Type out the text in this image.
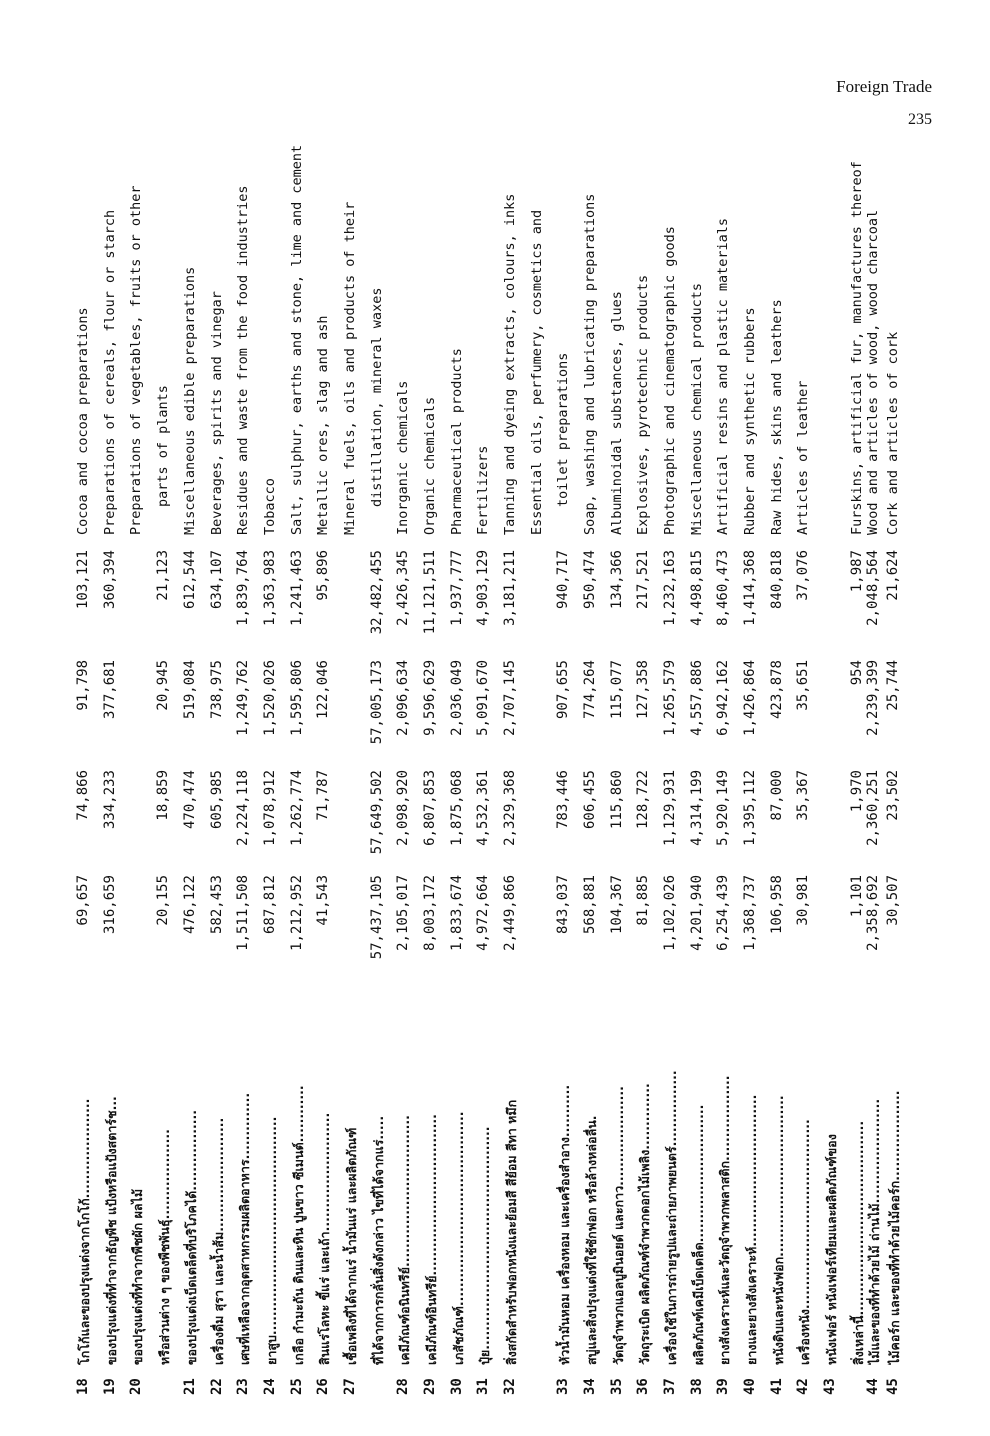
Foreign Trade
235
18
โกโก้และของปรุงแต่งจากโกโก้.....................
69,657
74,866
91,798
103,121
Cocoa and cocoa preparations
19
ของปรุงแต่งที่ทำจากธัญพืช แป้งหรือแป้งสตาร์ช...
316,659
334,233
377,681
360,394
Preparations of cereals, flour or starch
20
ของปรุงแต่งที่ทำจากพืชผัก ผลไม้
Preparations of vegetables, fruits or other
หรือส่วนต่าง ๆ ของพืชพันธุ์...................
20,155
18,859
20,945
21,123
parts of plants
21
ของปรุงแต่งเบ็ดเตล็ดที่บริโภคได้.................
476,122
470,474
519,084
612,544
Miscellaneous edible preparations
22
เครื่องดื่ม สุรา และน้ำส้ม........................
582,453
605,985
738,975
634,107
Beverages, spirits and vinegar
23
เศษที่เหลือจากอุตสาหกรรมผลิตอาหาร..............
1,511,508
2,224,118
1,249,762
1,839,764
Residues and waste from the food industries
24
ยาสูบ..............................................
687,812
1,078,912
1,520,026
1,363,983
Tobacco
25
เกลือ กำมะถัน ดินและหิน ปูนขาว ซีเมนต์............
1,212,952
1,262,774
1,595,806
1,241,463
Salt, sulphur, earths and stone, lime and cement
26
สินแร่โลหะ ขี้แร่ และเถ้า.........................
41,543
71,787
122,046
95,896
Metallic ores, slag and ash
27
เชื้อเพลิงที่ได้จากแร่ น้ำมันแร่ และผลิตภัณฑ์
Mineral fuels, oils and products of their
ที่ได้จากการกลั่นสิ่งดังกล่าว ไขที่ได้จากแร่.....
57,437,105
57,649,502
57,005,173
32,482,455
distillation, mineral waxes
28
เคมีภัณฑ์อนินทรีย์................................
2,105,017
2,098,920
2,096,634
2,426,345
Inorganic chemicals
29
เคมีภัณฑ์อินทรีย์..................................
8,003,172
6,807,853
9,596,629
11,121,511
Organic chemicals
30
เภสัชภัณฑ์.........................................
1,833,674
1,875,068
2,036,049
1,937,777
Pharmaceutical products
31
ปุ๋ย...............................................
4,972,664
4,532,361
5,091,670
4,903,129
Fertilizers
32
สิ่งสกัดสำหรับฟอกหนังและย้อมสี สีย้อม สีทา หมึก
2,449,866
2,329,368
2,707,145
3,181,211
Tanning and dyeing extracts, colours, inks Essential oils, perfumery, cosmetics and
33
หัวน้ำมันหอม เครื่องหอม และเครื่องสำอาง...........
843,037
783,446
907,655
940,717
toilet preparations
34
สบู่และสิ่งปรุงแต่งที่ใช้ซักฟอก หรือล้างหล่อลื่น.
568,881
606,455
774,264
950,474
Soap, washing and lubricating preparations
35
วัตถุจำพวกแอลบูมินอยด์ และกาว.....................
104,367
115,860
115,077
134,366
Albuminoidal substances, glues
36
วัตถุระเบิด ผลิตภัณฑ์จำพวกดอกไม้เพลิง..............
81,885
128,722
127,358
217,521
Explosives, pyrotechnic products
37
เครื่องใช้ในการถ่ายรูปและถ่ายภาพยนตร์................
1,102,026
1,129,931
1,265,579
1,232,163
Photographic and cinematographic goods
38
ผลิตภัณฑ์เคมีเบ็ดเตล็ด.............................
4,201,940
4,314,199
4,557,886
4,498,815
Miscellaneous chemical products
39
ยางสังเคราะห์และวัตถุจำพวกพลาสติก..................
6,254,439
5,920,149
6,942,162
8,460,473
Artificial resins and plastic materials
40
ยางและยางสังเคราะห์................................
1,368,737
1,395,112
1,426,864
1,414,368
Rubber and synthetic rubbers
41
หนังดิบและหนังฟอก..................................
106,958
87,000
423,878
840,818
Raw hides, skins and leathers
42
เครื่องหนัง........................................
30,981
35,367
35,651
37,076
Articles of leather
43
หนังเฟอร์ หนังเฟอร์เทียมและผลิตภัณฑ์ของ สิ่งเหล่านี้.........................................
1,101
1,970
954
1,987
Furskins, artificial fur, manufactures thereof
44
ไม้และของที่ทำด้วยไม้ ถ่านไม้......................
2,358,692
2,360,251
2,239,399
2,048,564
Wood and articles of wood, wood charcoal
45
ไม้คอร์ก และของที่ทำด้วยไม้คอร์ก...................
30,507
23,502
25,744
21,624
Cork and articles of cork
